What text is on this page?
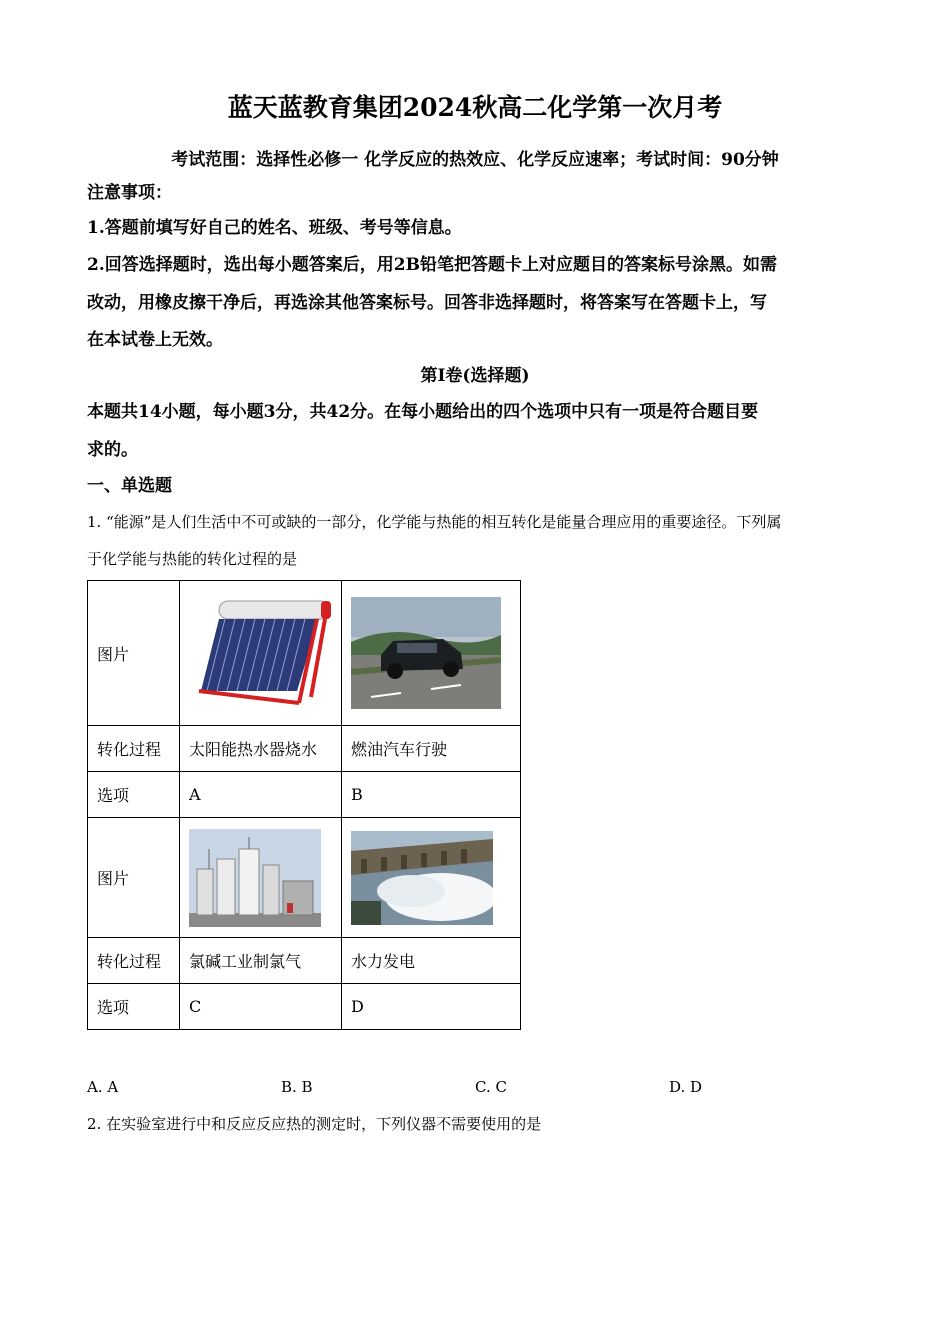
蓝天蓝教育集团2024秋高二化学第一次月考
考试范围：选择性必修一 化学反应的热效应、化学反应速率；考试时间：90分钟
注意事项：
1.答题前填写好自己的姓名、班级、考号等信息。
2.回答选择题时，选出每小题答案后，用2B铅笔把答题卡上对应题目的答案标号涂黑。如需
改动，用橡皮擦干净后，再选涂其他答案标号。回答非选择题时，将答案写在答题卡上，写
在本试卷上无效。
第I卷(选择题)
本题共14小题，每小题3分，共42分。在每小题给出的四个选项中只有一项是符合题目要
求的。
一、单选题
1. “能源”是人们生活中不可或缺的一部分，化学能与热能的相互转化是能量合理应用的重要途径。下列属
于化学能与热能的转化过程的是
图片	

转化过程	太阳能热水器烧水	燃油汽车行驶
选项	A	B
图片	

转化过程	氯碱工业制氯气	水力发电
选项	C	D
A. A	B. B	C. C	D. D
2. 在实验室进行中和反应反应热的测定时，下列仪器不需要使用的是
